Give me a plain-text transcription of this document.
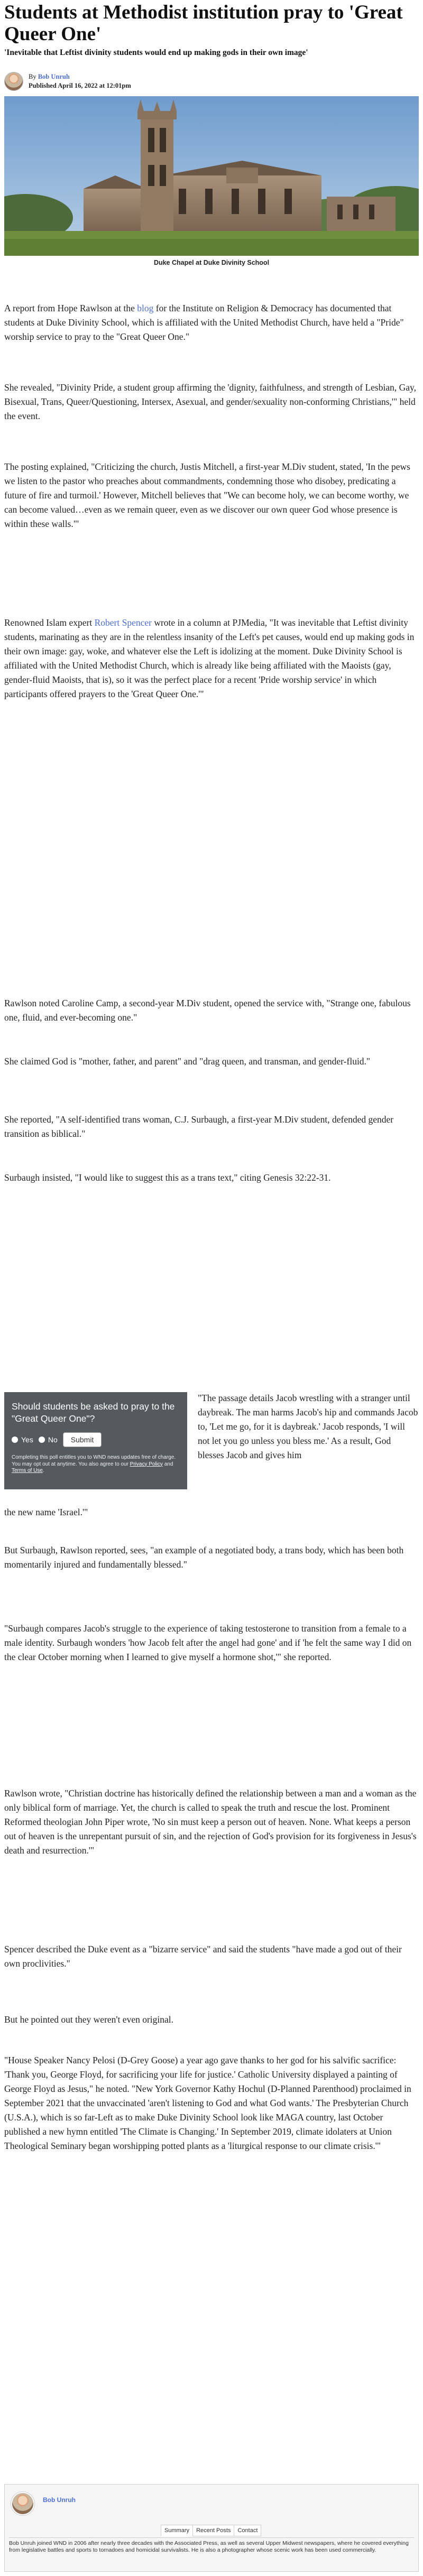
Students at Methodist institution pray to 'Great Queer One'
'Inevitable that Leftist divinity students would end up making gods in their own image'
By Bob Unruh
Published April 16, 2022 at 12:01pm
Duke Chapel at Duke Divinity School

A report from Hope Rawlson at the blog for the Institute on Religion & Democracy has documented that students at Duke Divinity School, which is affiliated with the United Methodist Church, have held a "Pride" worship service to pray to the "Great Queer One."

She revealed, "Divinity Pride, a student group affirming the 'dignity, faithfulness, and strength of Lesbian, Gay, Bisexual, Trans, Queer/Questioning, Intersex, Asexual, and gender/sexuality non-conforming Christians,'" held the event.

The posting explained, "Criticizing the church, Justis Mitchell, a first-year M.Div student, stated, 'In the pews we listen to the pastor who preaches about commandments, condemning those who disobey, predicating a future of fire and turmoil.' However, Mitchell believes that "We can become holy, we can become worthy, we can become valued…even as we remain queer, even as we discover our own queer God whose presence is within these walls."'

Renowned Islam expert Robert Spencer wrote in a column at PJMedia, "It was inevitable that Leftist divinity students, marinating as they are in the relentless insanity of the Left's pet causes, would end up making gods in their own image: gay, woke, and whatever else the Left is idolizing at the moment. Duke Divinity School is affiliated with the United Methodist Church, which is already like being affiliated with the Maoists (gay, gender-fluid Maoists, that is), so it was the perfect place for a recent 'Pride worship service' in which participants offered prayers to the 'Great Queer One.'"

Rawlson noted Caroline Camp, a second-year M.Div student, opened the service with, "Strange one, fabulous one, fluid, and ever-becoming one."

She claimed God is "mother, father, and parent" and "drag queen, and transman, and gender-fluid."

She reported, "A self-identified trans woman, C.J. Surbaugh, a first-year M.Div student, defended gender transition as biblical."

Surbaugh insisted, "I would like to suggest this as a trans text," citing Genesis 32:22-31.

Should students be asked to pray to the "Great Queer One"?
Yes No	Submit
Completing this poll entitles you to WND news updates free of charge. You may opt out at anytime. You also agree to our Privacy Policy and Terms of Use.

"The passage details Jacob wrestling with a stranger until daybreak. The man harms Jacob's hip and commands Jacob to, 'Let me go, for it is daybreak.' Jacob responds, 'I will not let you go unless you bless me.' As a result, God blesses Jacob and gives him

the new name 'Israel.'"

But Surbaugh, Rawlson reported, sees, "an example of a negotiated body, a trans body, which has been both momentarily injured and fundamentally blessed."

"Surbaugh compares Jacob's struggle to the experience of taking testosterone to transition from a female to a male identity. Surbaugh wonders 'how Jacob felt after the angel had gone' and if 'he felt the same way I did on the clear October morning when I learned to give myself a hormone shot,'" she reported.

Rawlson wrote, "Christian doctrine has historically defined the relationship between a man and a woman as the only biblical form of marriage. Yet, the church is called to speak the truth and rescue the lost. Prominent Reformed theologian John Piper wrote, 'No sin must keep a person out of heaven. None. What keeps a person out of heaven is the unrepentant pursuit of sin, and the rejection of God's provision for its forgiveness in Jesus's death and resurrection.'"

Spencer described the Duke event as a "bizarre service" and said the students "have made a god out of their own proclivities."

But he pointed out they weren't even original.

"House Speaker Nancy Pelosi (D-Grey Goose) a year ago gave thanks to her god for his salvific sacrifice: 'Thank you, George Floyd, for sacrificing your life for justice.' Catholic University displayed a painting of George Floyd as Jesus," he noted. "New York Governor Kathy Hochul (D-Planned Parenthood) proclaimed in September 2021 that the unvaccinated 'aren't listening to God and what God wants.' The Presbyterian Church (U.S.A.), which is so far-Left as to make Duke Divinity School look like MAGA country, last October published a new hymn entitled 'The Climate is Changing.' In September 2019, climate idolaters at Union Theological Seminary began worshipping potted plants as a 'liturgical response to our climate crisis.'"

Bob Unruh
Summary	Recent Posts	Contact
Bob Unruh joined WND in 2006 after nearly three decades with the Associated Press, as well as several Upper Midwest newspapers, where he covered everything from legislative battles and sports to tornadoes and homicidal survivalists. He is also a photographer whose scenic work has been used commercially.
